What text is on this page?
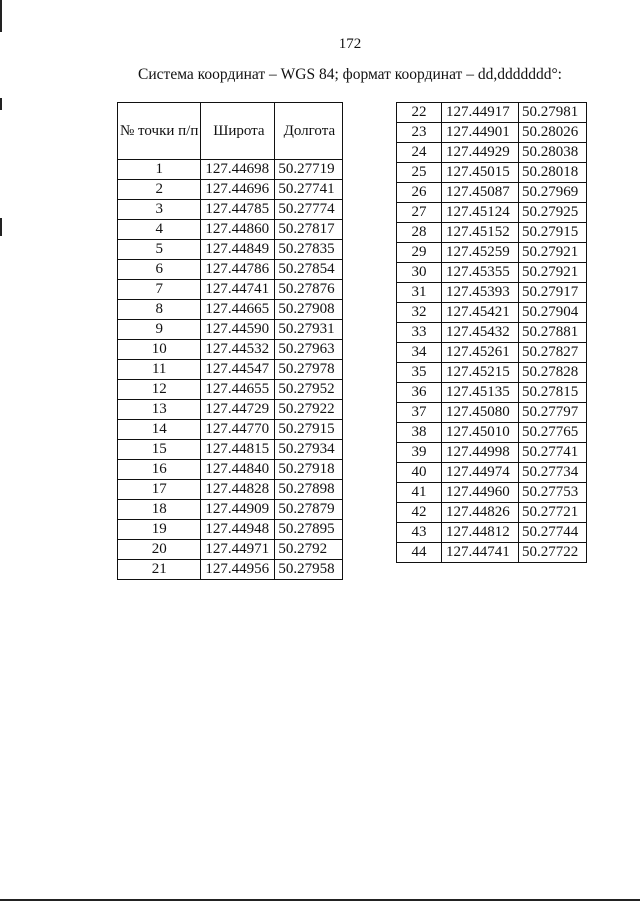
172
Система координат – WGS 84; формат координат – dd,ddddddd°:
№ точки п/п	Широта	Долгота
1	127.44698	50.27719
2	127.44696	50.27741
3	127.44785	50.27774
4	127.44860	50.27817
5	127.44849	50.27835
6	127.44786	50.27854
7	127.44741	50.27876
8	127.44665	50.27908
9	127.44590	50.27931
10	127.44532	50.27963
11	127.44547	50.27978
12	127.44655	50.27952
13	127.44729	50.27922
14	127.44770	50.27915
15	127.44815	50.27934
16	127.44840	50.27918
17	127.44828	50.27898
18	127.44909	50.27879
19	127.44948	50.27895
20	127.44971	50.2792
21	127.44956	50.27958
22	127.44917	50.27981
23	127.44901	50.28026
24	127.44929	50.28038
25	127.45015	50.28018
26	127.45087	50.27969
27	127.45124	50.27925
28	127.45152	50.27915
29	127.45259	50.27921
30	127.45355	50.27921
31	127.45393	50.27917
32	127.45421	50.27904
33	127.45432	50.27881
34	127.45261	50.27827
35	127.45215	50.27828
36	127.45135	50.27815
37	127.45080	50.27797
38	127.45010	50.27765
39	127.44998	50.27741
40	127.44974	50.27734
41	127.44960	50.27753
42	127.44826	50.27721
43	127.44812	50.27744
44	127.44741	50.27722
